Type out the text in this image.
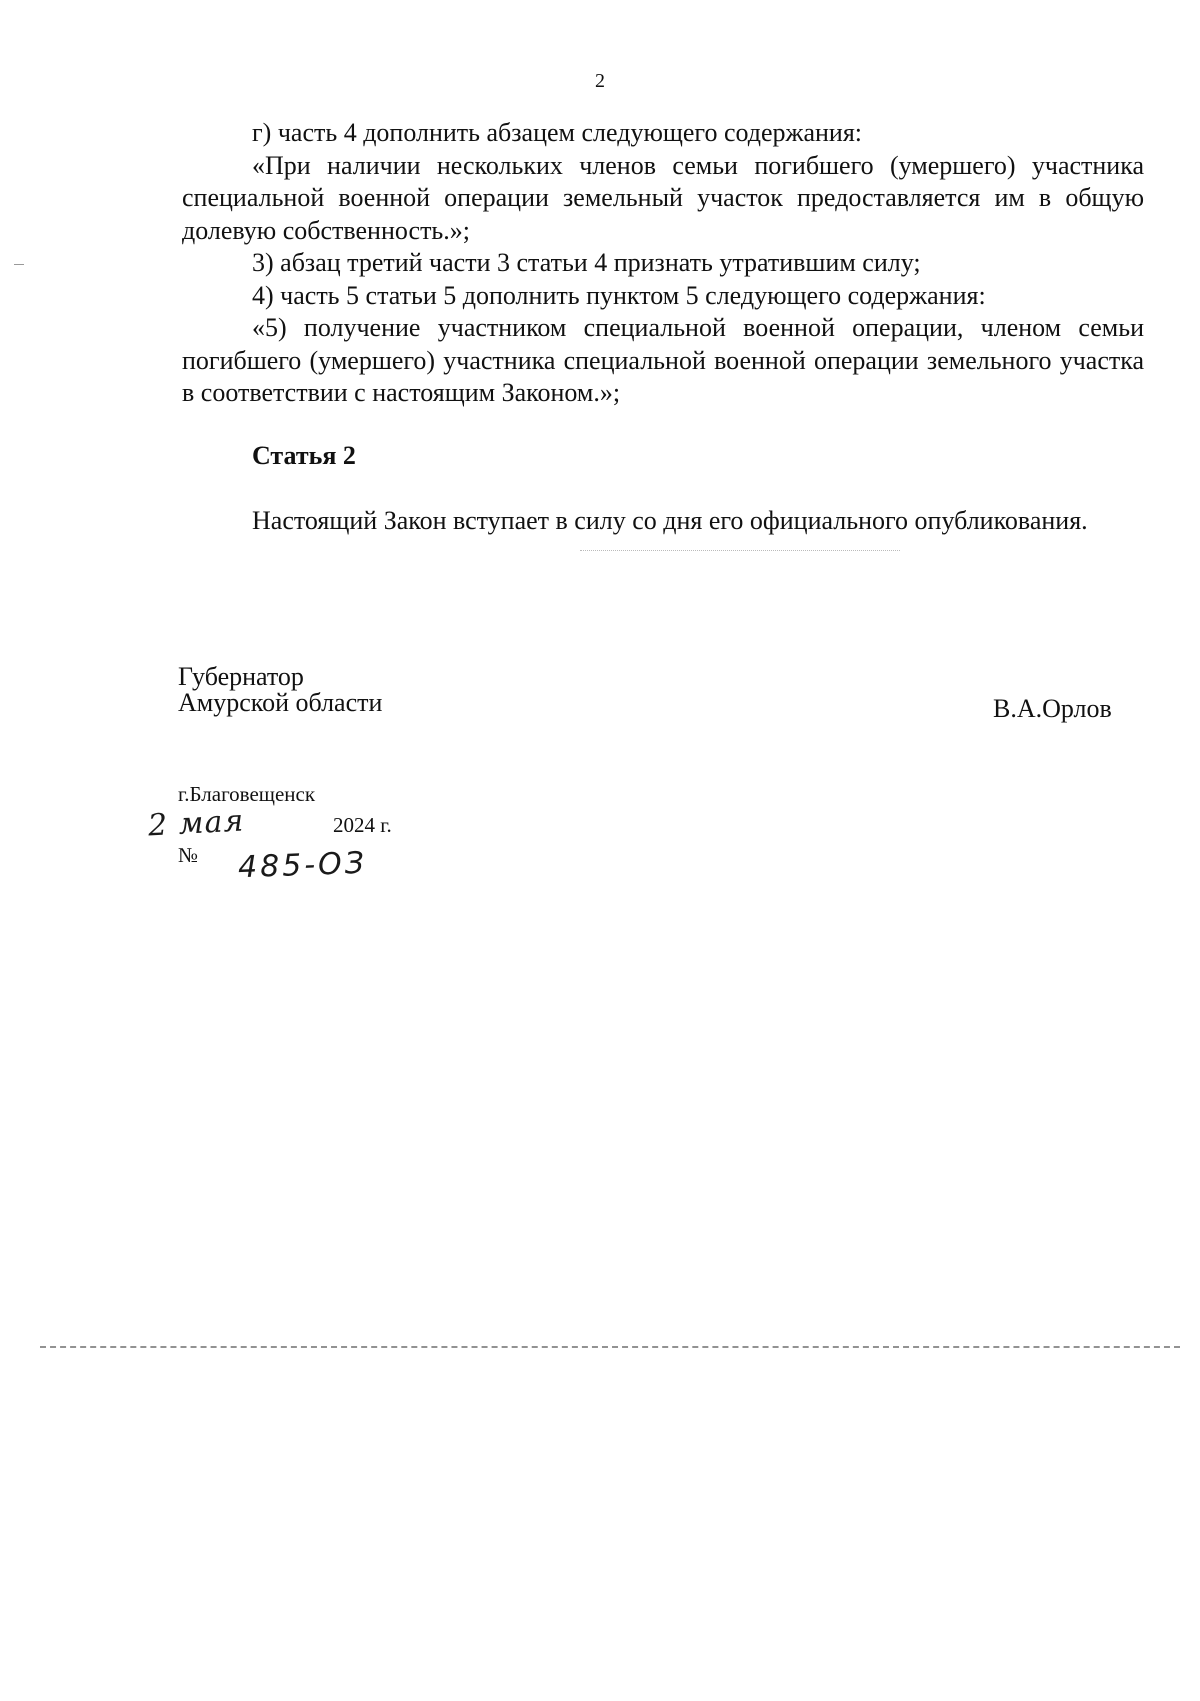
2

г) часть 4 дополнить абзацем следующего содержания:

«При наличии нескольких членов семьи погибшего (умершего) участника специальной военной операции земельный участок предоставляется им в общую долевую собственность.»;

3) абзац третий части 3 статьи 4 признать утратившим силу;

4) часть 5 статьи 5 дополнить пунктом 5 следующего содержания:

«5) получение участником специальной военной операции, членом семьи погибшего (умершего) участника специальной военной операции земельного участка в соответствии с настоящим Законом.»;

Статья 2

Настоящий Закон вступает в силу со дня его официального опубликования.

Губернатор
Амурской области	В.А.Орлов
г.Благовещенск
2 мая	2024 г.
№ 485-ОЗ
